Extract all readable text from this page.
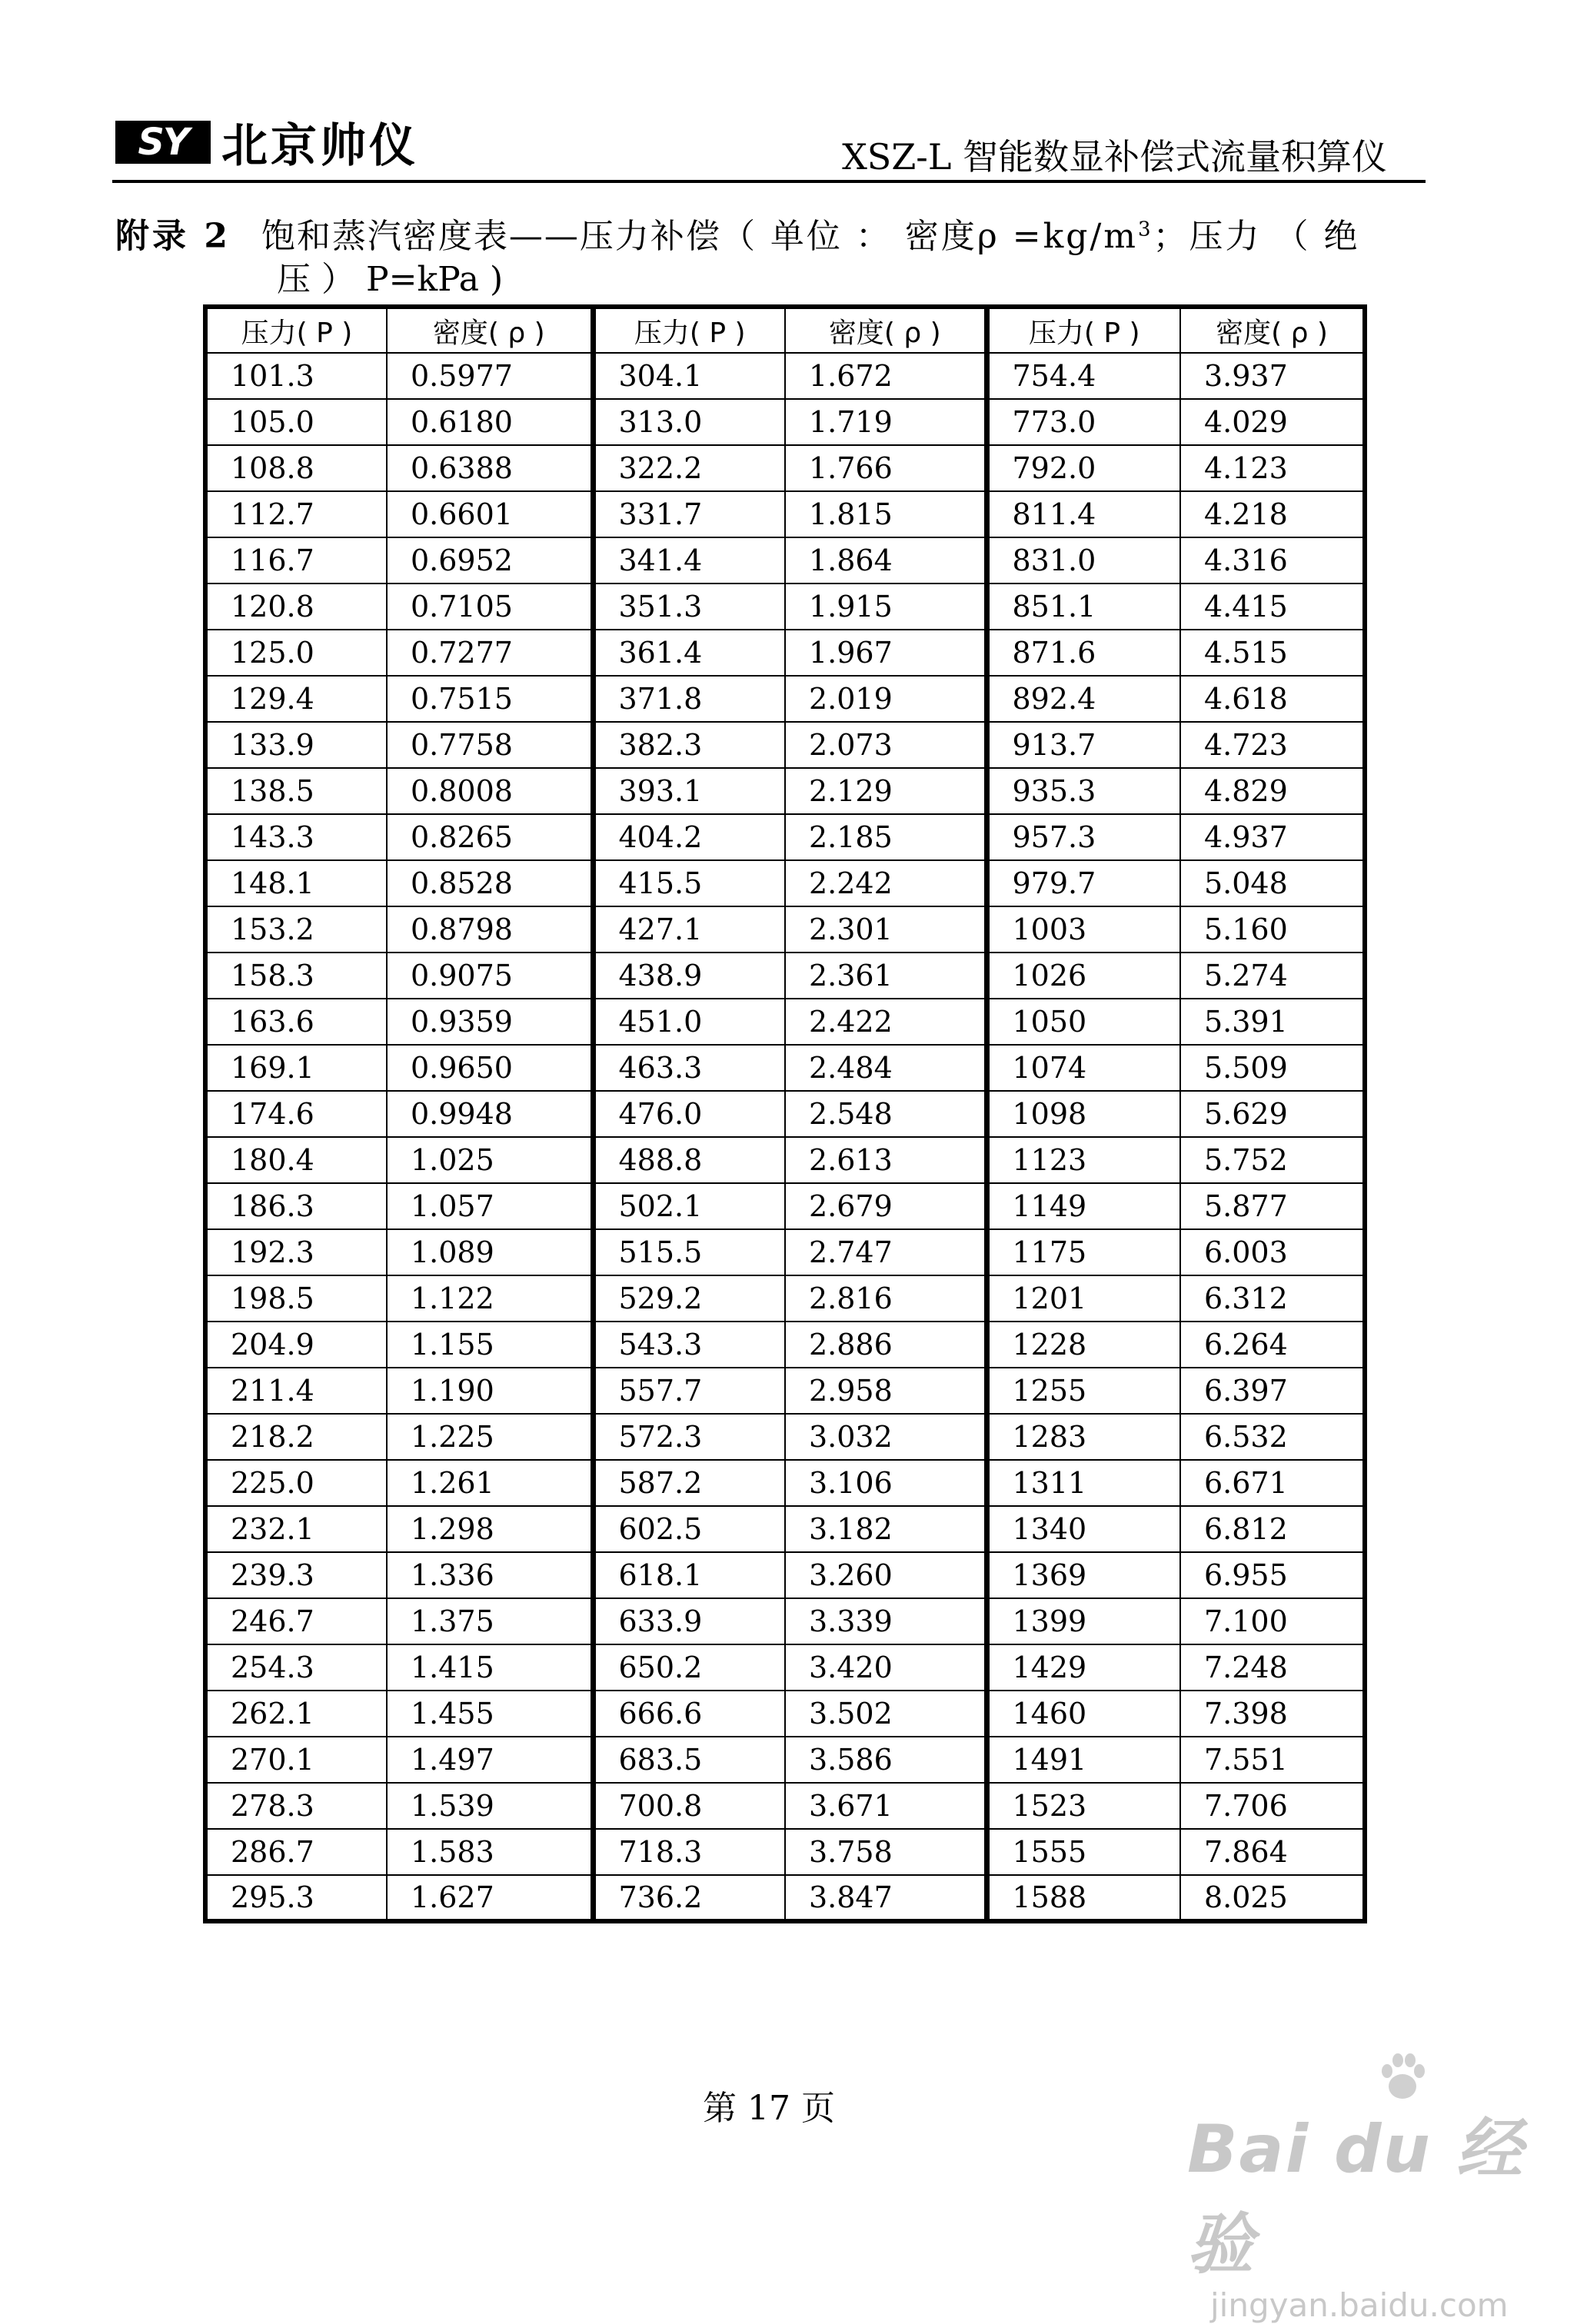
SY 北京帅仪	XSZ-L 智能数显补偿式流量积算仪
附录 2 饱和蒸汽密度表——压力补偿（ 单位 ： 密度$\rho =kg/m^3$；压力 （ 绝
压 ） P=kPa )
压力( P )	密度( ρ )	压力( P )	密度( ρ )	压力( P )	密度( ρ )
101.3	0.5977	304.1	1.672	754.4	3.937
105.0	0.6180	313.0	1.719	773.0	4.029
108.8	0.6388	322.2	1.766	792.0	4.123
112.7	0.6601	331.7	1.815	811.4	4.218
116.7	0.6952	341.4	1.864	831.0	4.316
120.8	0.7105	351.3	1.915	851.1	4.415
125.0	0.7277	361.4	1.967	871.6	4.515
129.4	0.7515	371.8	2.019	892.4	4.618
133.9	0.7758	382.3	2.073	913.7	4.723
138.5	0.8008	393.1	2.129	935.3	4.829
143.3	0.8265	404.2	2.185	957.3	4.937
148.1	0.8528	415.5	2.242	979.7	5.048
153.2	0.8798	427.1	2.301	1003	5.160
158.3	0.9075	438.9	2.361	1026	5.274
163.6	0.9359	451.0	2.422	1050	5.391
169.1	0.9650	463.3	2.484	1074	5.509
174.6	0.9948	476.0	2.548	1098	5.629
180.4	1.025	488.8	2.613	1123	5.752
186.3	1.057	502.1	2.679	1149	5.877
192.3	1.089	515.5	2.747	1175	6.003
198.5	1.122	529.2	2.816	1201	6.312
204.9	1.155	543.3	2.886	1228	6.264
211.4	1.190	557.7	2.958	1255	6.397
218.2	1.225	572.3	3.032	1283	6.532
225.0	1.261	587.2	3.106	1311	6.671
232.1	1.298	602.5	3.182	1340	6.812
239.3	1.336	618.1	3.260	1369	6.955
246.7	1.375	633.9	3.339	1399	7.100
254.3	1.415	650.2	3.420	1429	7.248
262.1	1.455	666.6	3.502	1460	7.398
270.1	1.497	683.5	3.586	1491	7.551
278.3	1.539	700.8	3.671	1523	7.706
286.7	1.583	718.3	3.758	1555	7.864
295.3	1.627	736.2	3.847	1588	8.025
第 17 页
Bai du 经验
jingyan.baidu.com
